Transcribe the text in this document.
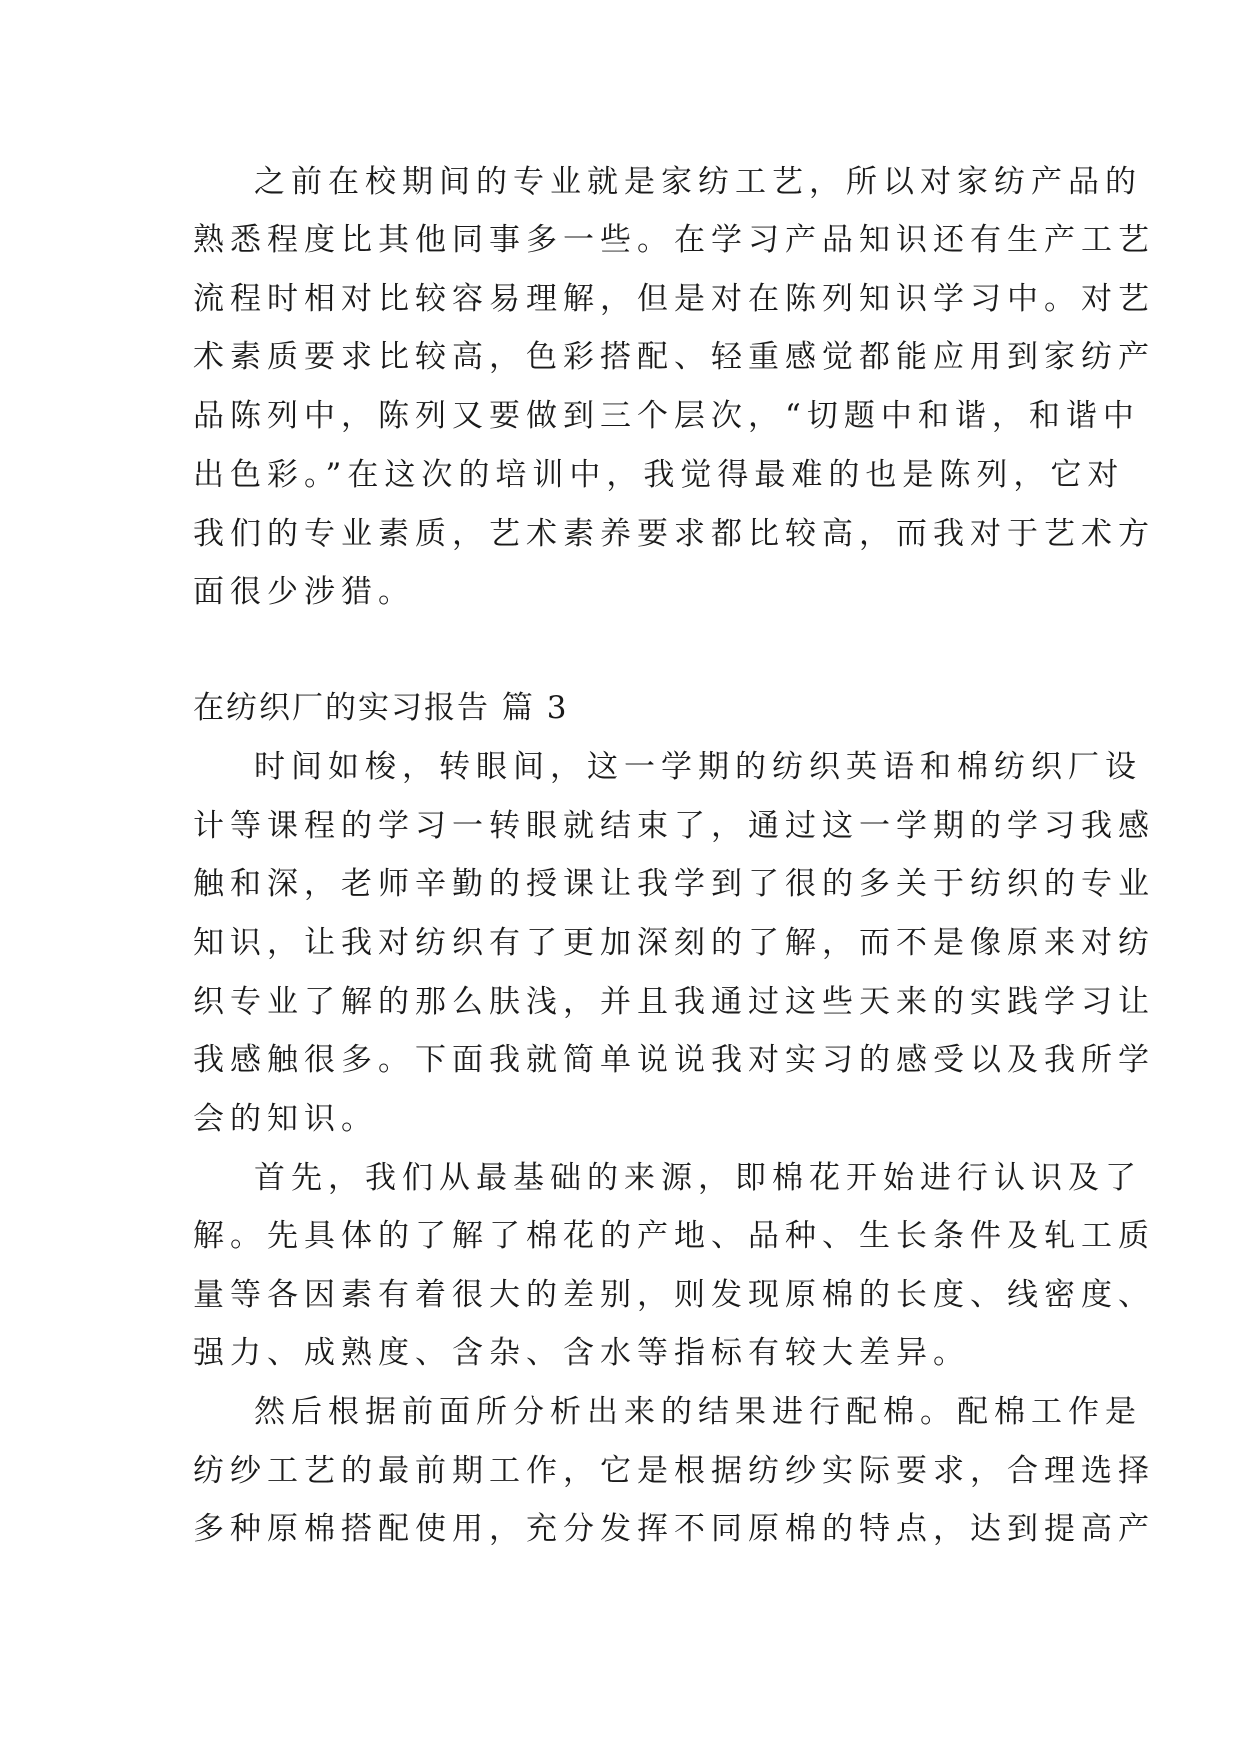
之前在校期间的专业就是家纺工艺，所以对家纺产品的
熟悉程度比其他同事多一些。在学习产品知识还有生产工艺
流程时相对比较容易理解，但是对在陈列知识学习中。对艺
术素质要求比较高，色彩搭配、轻重感觉都能应用到家纺产
品陈列中，陈列又要做到三个层次，“切题中和谐，和谐中
出色彩。”在这次的培训中，我觉得最难的也是陈列，它对
我们的专业素质，艺术素养要求都比较高，而我对于艺术方
面很少涉猎。
在纺织厂的实习报告 篇 3
时间如梭，转眼间，这一学期的纺织英语和棉纺织厂设
计等课程的学习一转眼就结束了，通过这一学期的学习我感
触和深，老师辛勤的授课让我学到了很的多关于纺织的专业
知识，让我对纺织有了更加深刻的了解，而不是像原来对纺
织专业了解的那么肤浅，并且我通过这些天来的实践学习让
我感触很多。下面我就简单说说我对实习的感受以及我所学
会的知识。
首先，我们从最基础的来源，即棉花开始进行认识及了
解。先具体的了解了棉花的产地、品种、生长条件及轧工质
量等各因素有着很大的差别，则发现原棉的长度、线密度、
强力、成熟度、含杂、含水等指标有较大差异。
然后根据前面所分析出来的结果进行配棉。配棉工作是
纺纱工艺的最前期工作，它是根据纺纱实际要求，合理选择
多种原棉搭配使用，充分发挥不同原棉的特点，达到提高产
